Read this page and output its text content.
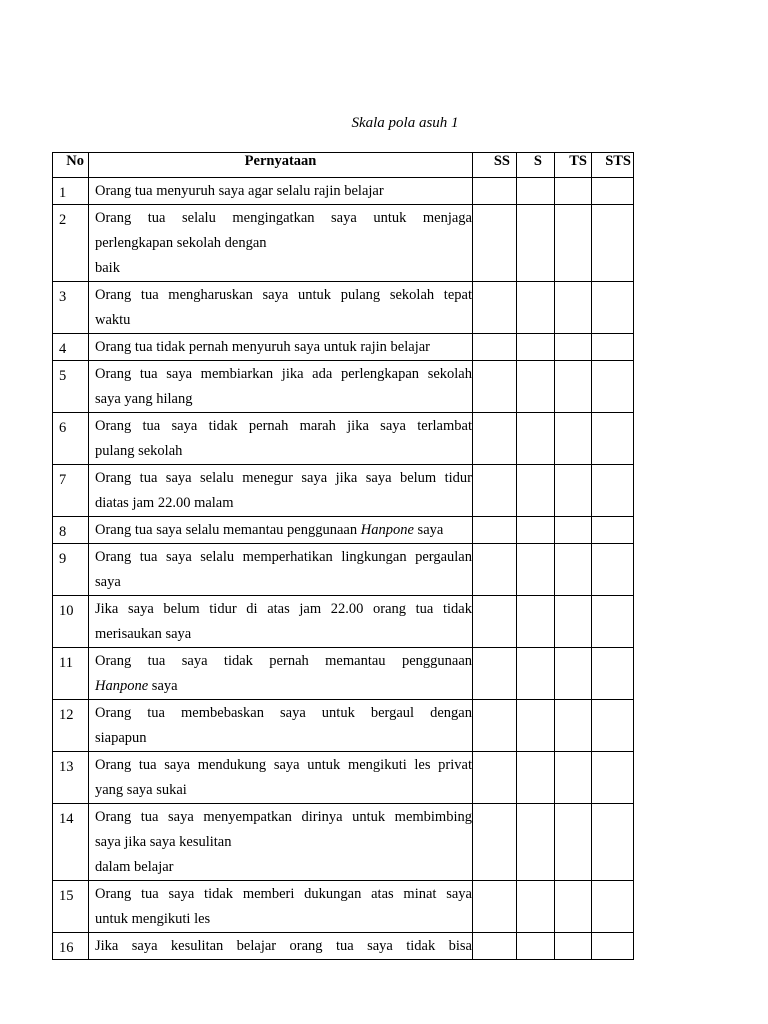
Skala pola asuh 1
No	Pernyataan	SS	S	TS	STS
1	Orang tua menyuruh saya agar selalu rajin belajar				

2	Orang tua selalu mengingatkan saya untuk menjaga
perlengkapan sekolah dengan
baik				

3	Orang tua mengharuskan saya untuk pulang sekolah tepat
waktu				

4	Orang tua tidak pernah menyuruh saya untuk rajin belajar				

5	Orang tua saya membiarkan jika ada perlengkapan sekolah
saya yang hilang				

6	Orang tua saya tidak pernah marah jika saya terlambat
pulang sekolah				

7	Orang tua saya selalu menegur saya jika saya belum tidur
diatas jam 22.00 malam				

8	Orang tua saya selalu memantau penggunaan Hanpone saya				

9	Orang tua saya selalu memperhatikan lingkungan pergaulan
saya				

10	Jika saya belum tidur di atas jam 22.00 orang tua tidak
merisaukan saya				

11	Orang tua saya tidak pernah memantau penggunaan
Hanpone saya				

12	Orang tua membebaskan saya untuk bergaul dengan
siapapun				

13	Orang tua saya mendukung saya untuk mengikuti les privat
yang saya sukai				

14	Orang tua saya menyempatkan dirinya untuk membimbing
saya jika saya kesulitan
dalam belajar				

15	Orang tua saya tidak memberi dukungan atas minat saya
untuk mengikuti les				

16	Jika saya kesulitan belajar orang tua saya tidak bisa				
